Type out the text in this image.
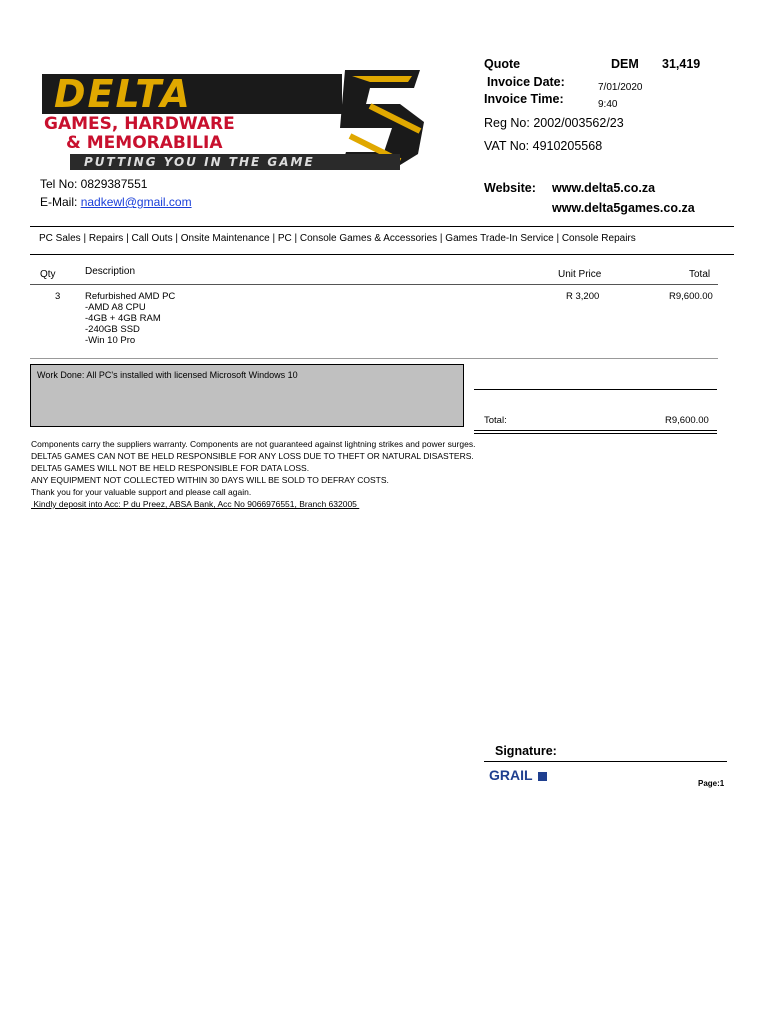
DELTA
GAMES, HARDWARE
& MEMORABILIA
PUTTING YOU IN THE GAME
Quote	DEM 31,419
Invoice Date:	7/01/2020
Invoice Time:	9:40
Reg No: 2002/003562/23
VAT No: 4910205568
Tel No: 0829387551
E-Mail: nadkewl@gmail.com
Website: www.delta5.co.za
www.delta5games.co.za
PC Sales | Repairs | Call Outs | Onsite Maintenance | PC | Console Games & Accessories | Games Trade-In Service | Console Repairs
Qty	Description	Unit Price	Total
3	Refurbished AMD PC
-AMD A8 CPU
-4GB + 4GB RAM
-240GB SSD
-Win 10 Pro
R 3,200	R9,600.00
Work Done: All PC's installed with licensed Microsoft Windows 10
Total:	R9,600.00
Components carry the suppliers warranty. Components are not guaranteed against lightning strikes and power surges.
DELTA5 GAMES CAN NOT BE HELD RESPONSIBLE FOR ANY LOSS DUE TO THEFT OR NATURAL DISASTERS.
DELTA5 GAMES WILL NOT BE HELD RESPONSIBLE FOR DATA LOSS.
ANY EQUIPMENT NOT COLLECTED WITHIN 30 DAYS WILL BE SOLD TO DEFRAY COSTS.
Thank you for your valuable support and please call again.
Kindly deposit into Acc: P du Preez, ABSA Bank, Acc No 9066976551, Branch 632005
Signature:
GRAIL
Page:1
